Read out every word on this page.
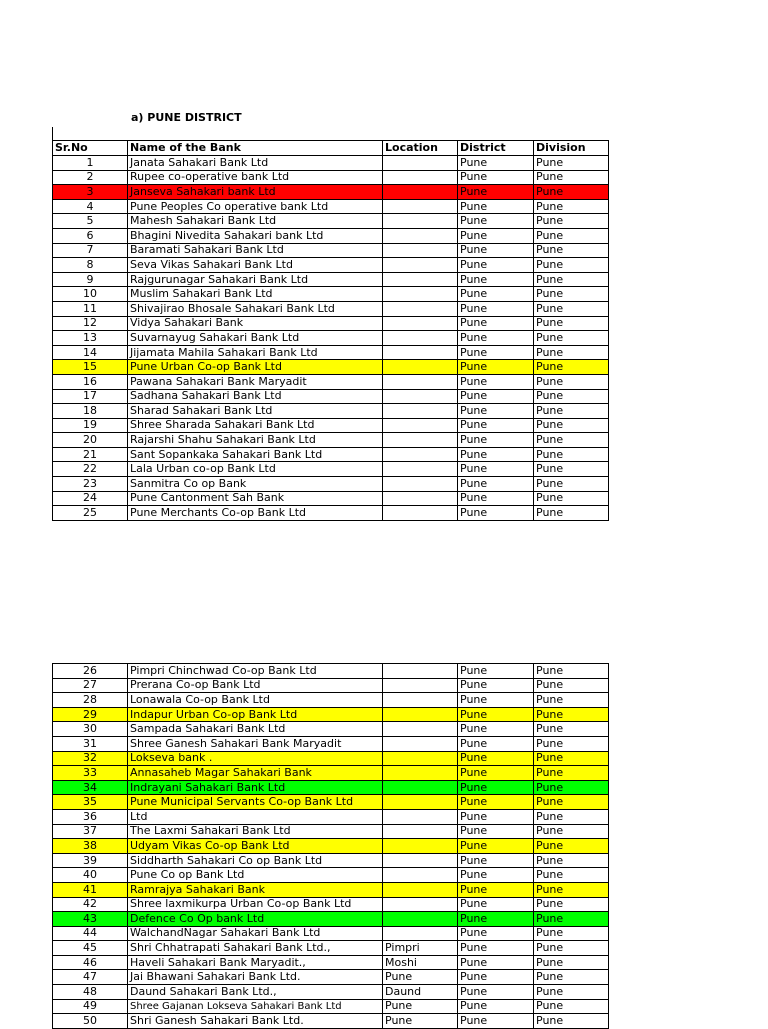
a) PUNE DISTRICT
Sr.No	Name of the Bank	Location	District	Division
1	Janata Sahakari Bank Ltd		Pune	Pune
2	Rupee co-operative bank Ltd		Pune	Pune
3	Janseva Sahakari bank Ltd		Pune	Pune
4	Pune Peoples Co operative bank Ltd		Pune	Pune
5	Mahesh Sahakari Bank Ltd		Pune	Pune
6	Bhagini Nivedita Sahakari bank Ltd		Pune	Pune
7	Baramati Sahakari Bank Ltd		Pune	Pune
8	Seva Vikas Sahakari Bank Ltd		Pune	Pune
9	Rajgurunagar Sahakari Bank Ltd		Pune	Pune
10	Muslim Sahakari Bank Ltd		Pune	Pune
11	Shivajirao Bhosale Sahakari Bank Ltd		Pune	Pune
12	Vidya Sahakari Bank		Pune	Pune
13	Suvarnayug Sahakari Bank Ltd		Pune	Pune
14	Jijamata Mahila Sahakari Bank Ltd		Pune	Pune
15	Pune Urban Co-op Bank Ltd		Pune	Pune
16	Pawana Sahakari Bank Maryadit		Pune	Pune
17	Sadhana Sahakari Bank Ltd		Pune	Pune
18	Sharad Sahakari Bank Ltd		Pune	Pune
19	Shree Sharada Sahakari Bank Ltd		Pune	Pune
20	Rajarshi Shahu Sahakari Bank Ltd		Pune	Pune
21	Sant Sopankaka Sahakari Bank Ltd		Pune	Pune
22	Lala Urban co-op Bank Ltd		Pune	Pune
23	Sanmitra Co op Bank		Pune	Pune
24	Pune Cantonment Sah Bank		Pune	Pune
25	Pune Merchants Co-op Bank Ltd		Pune	Pune
26	Pimpri Chinchwad Co-op Bank Ltd		Pune	Pune
27	Prerana Co-op Bank Ltd		Pune	Pune
28	Lonawala Co-op Bank Ltd		Pune	Pune
29	Indapur Urban Co-op Bank Ltd		Pune	Pune
30	Sampada Sahakari Bank Ltd		Pune	Pune
31	Shree Ganesh Sahakari Bank Maryadit		Pune	Pune
32	Lokseva bank .		Pune	Pune
33	Annasaheb Magar Sahakari Bank		Pune	Pune
34	Indrayani Sahakari Bank Ltd		Pune	Pune
35	Pune Municipal Servants Co-op Bank Ltd		Pune	Pune
36	Ltd		Pune	Pune
37	The Laxmi Sahakari Bank Ltd		Pune	Pune
38	Udyam Vikas Co-op Bank Ltd		Pune	Pune
39	Siddharth Sahakari Co op Bank Ltd		Pune	Pune
40	Pune Co op Bank Ltd		Pune	Pune
41	Ramrajya Sahakari Bank		Pune	Pune
42	Shree laxmikurpa Urban Co-op Bank Ltd		Pune	Pune
43	Defence Co Op bank Ltd		Pune	Pune
44	WalchandNagar Sahakari Bank Ltd		Pune	Pune
45	Shri Chhatrapati Sahakari Bank Ltd.,	Pimpri	Pune	Pune
46	Haveli Sahakari Bank Maryadit.,	Moshi	Pune	Pune
47	Jai Bhawani Sahakari Bank Ltd.	Pune	Pune	Pune
48	Daund Sahakari Bank Ltd.,	Daund	Pune	Pune
49	Shree Gajanan Lokseva Sahakari Bank Ltd	Pune	Pune	Pune
50	Shri Ganesh Sahakari Bank Ltd.	Pune	Pune	Pune
